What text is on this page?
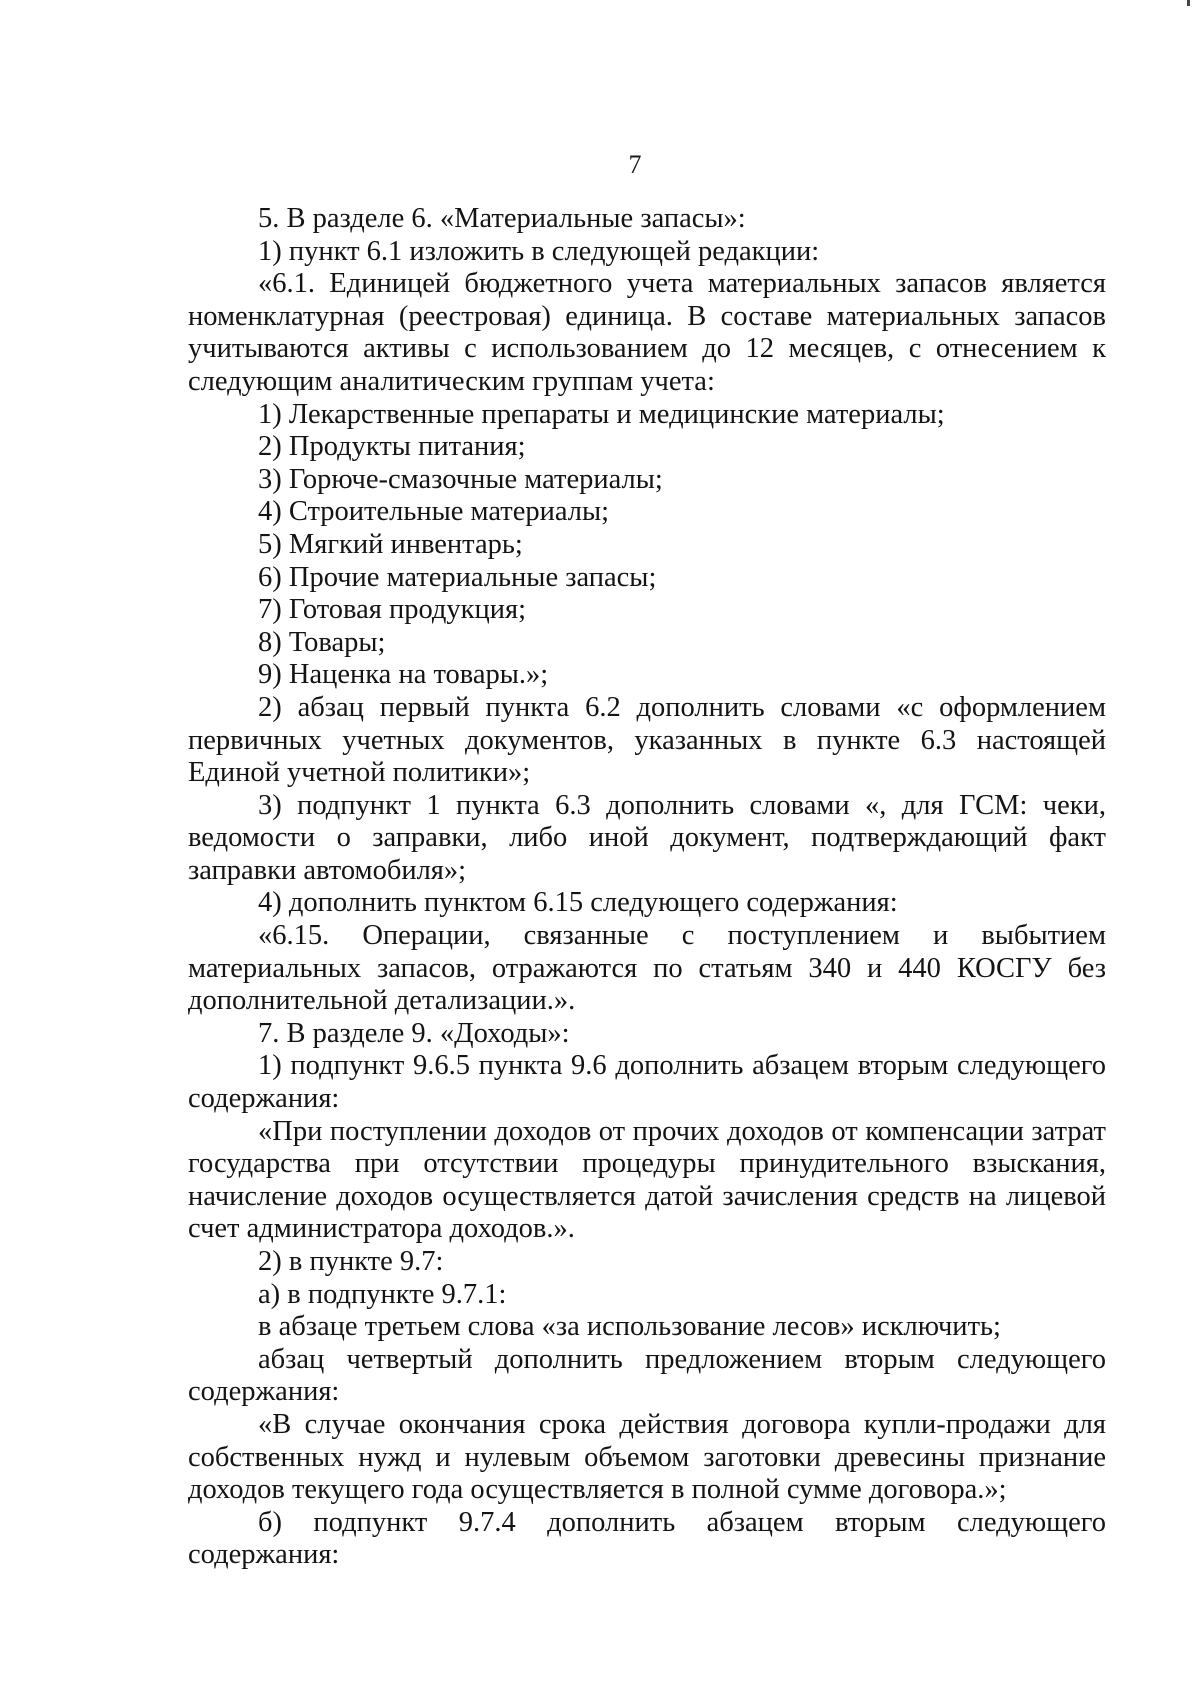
7

5. В разделе 6. «Материальные запасы»:

1) пункт 6.1 изложить в следующей редакции:

«6.1. Единицей бюджетного учета материальных запасов является номенклатурная (реестровая) единица. В составе материальных запасов учитываются активы с использованием до 12 месяцев, с отнесением к следующим аналитическим группам учета:

1) Лекарственные препараты и медицинские материалы;

2) Продукты питания;

3) Горюче-смазочные материалы;

4) Строительные материалы;

5) Мягкий инвентарь;

6) Прочие материальные запасы;

7) Готовая продукция;

8) Товары;

9) Наценка на товары.»;

2) абзац первый пункта 6.2 дополнить словами «с оформлением первичных учетных документов, указанных в пункте 6.3 настоящей Единой учетной политики»;

3) подпункт 1 пункта 6.3 дополнить словами «, для ГСМ: чеки, ведомости о заправки, либо иной документ, подтверждающий факт заправки автомобиля»;

4) дополнить пунктом 6.15 следующего содержания:

«6.15. Операции, связанные с поступлением и выбытием материальных запасов, отражаются по статьям 340 и 440 КОСГУ без дополнительной детализации.».

7. В разделе 9. «Доходы»:

1) подпункт 9.6.5 пункта 9.6 дополнить абзацем вторым следующего содержания:

«При поступлении доходов от прочих доходов от компенсации затрат государства при отсутствии процедуры принудительного взыскания, начисление доходов осуществляется датой зачисления средств на лицевой счет администратора доходов.».

2) в пункте 9.7:

а) в подпункте 9.7.1:

в абзаце третьем слова «за использование лесов» исключить;

абзац четвертый дополнить предложением вторым следующего содержания:

«В случае окончания срока действия договора купли-продажи для собственных нужд и нулевым объемом заготовки древесины признание доходов текущего года осуществляется в полной сумме договора.»;

б) подпункт 9.7.4 дополнить абзацем вторым следующего содержания:
